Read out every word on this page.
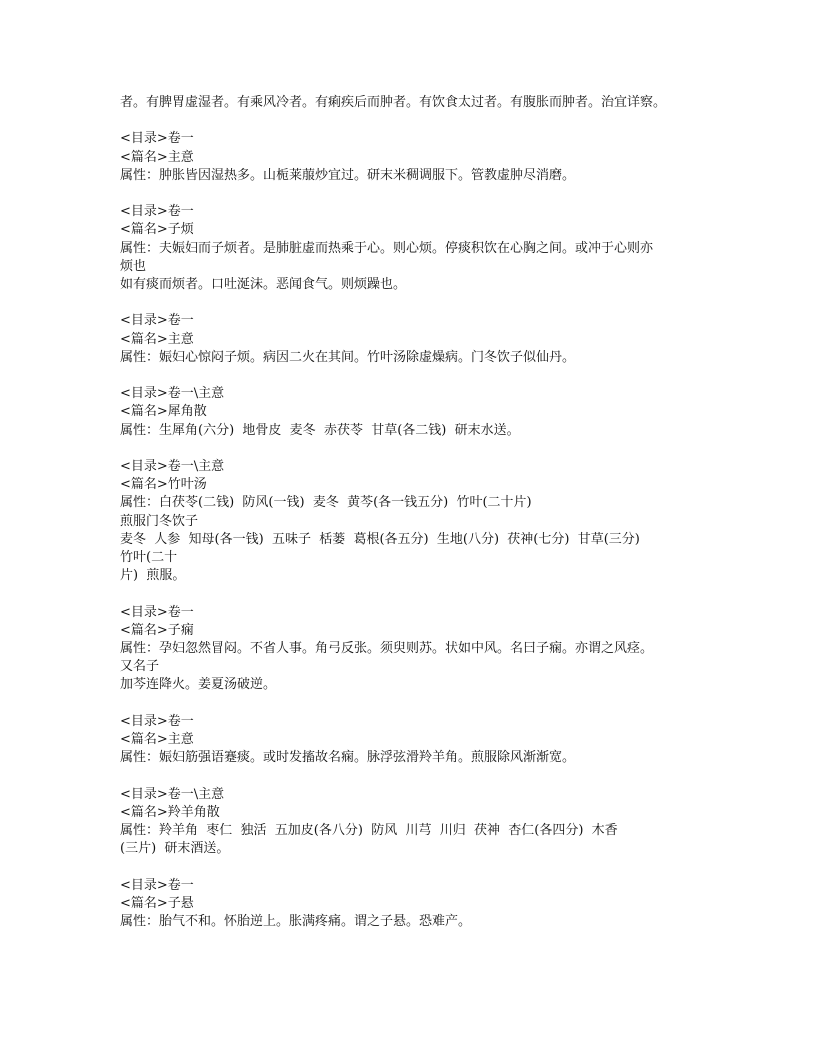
者。有脾胃虚湿者。有乘风冷者。有痢疾后而肿者。有饮食太过者。有腹胀而肿者。治宜详察。
<目录>卷一
<篇名>主意
属性：肿胀皆因湿热多。山栀莱菔炒宜过。研末米稠调服下。管教虚肿尽消磨。
<目录>卷一
<篇名>子烦
属性：夫娠妇而子烦者。是肺脏虚而热乘于心。则心烦。停痰积饮在心胸之间。或冲于心则亦
烦也
如有痰而烦者。口吐涎沫。恶闻食气。则烦躁也。
<目录>卷一
<篇名>主意
属性：娠妇心惊闷子烦。病因二火在其间。竹叶汤除虚燥病。门冬饮子似仙丹。
<目录>卷一\主意
<篇名>犀角散
属性：生犀角(六分)  地骨皮  麦冬  赤茯苓  甘草(各二钱)  研末水送。
<目录>卷一\主意
<篇名>竹叶汤
属性：白茯苓(二钱)  防风(一钱)  麦冬  黄芩(各一钱五分)  竹叶(二十片)
煎服门冬饮子
麦冬  人参  知母(各一钱)  五味子  栝蒌  葛根(各五分)  生地(八分)  茯神(七分)  甘草(三分)
竹叶(二十
片)  煎服。
<目录>卷一
<篇名>子痫
属性：孕妇忽然冒闷。不省人事。角弓反张。须臾则苏。状如中风。名曰子痫。亦谓之风痉。
又名子
加芩连降火。姜夏汤破逆。
<目录>卷一
<篇名>主意
属性：娠妇筋强语蹇痰。或时发搐故名痫。脉浮弦滑羚羊角。煎服除风渐渐宽。
<目录>卷一\主意
<篇名>羚羊角散
属性：羚羊角  枣仁  独活  五加皮(各八分)  防风  川芎  川归  茯神  杏仁(各四分)  木香
(三片)  研末酒送。
<目录>卷一
<篇名>子悬
属性：胎气不和。怀胎逆上。胀满疼痛。谓之子悬。恐难产。
